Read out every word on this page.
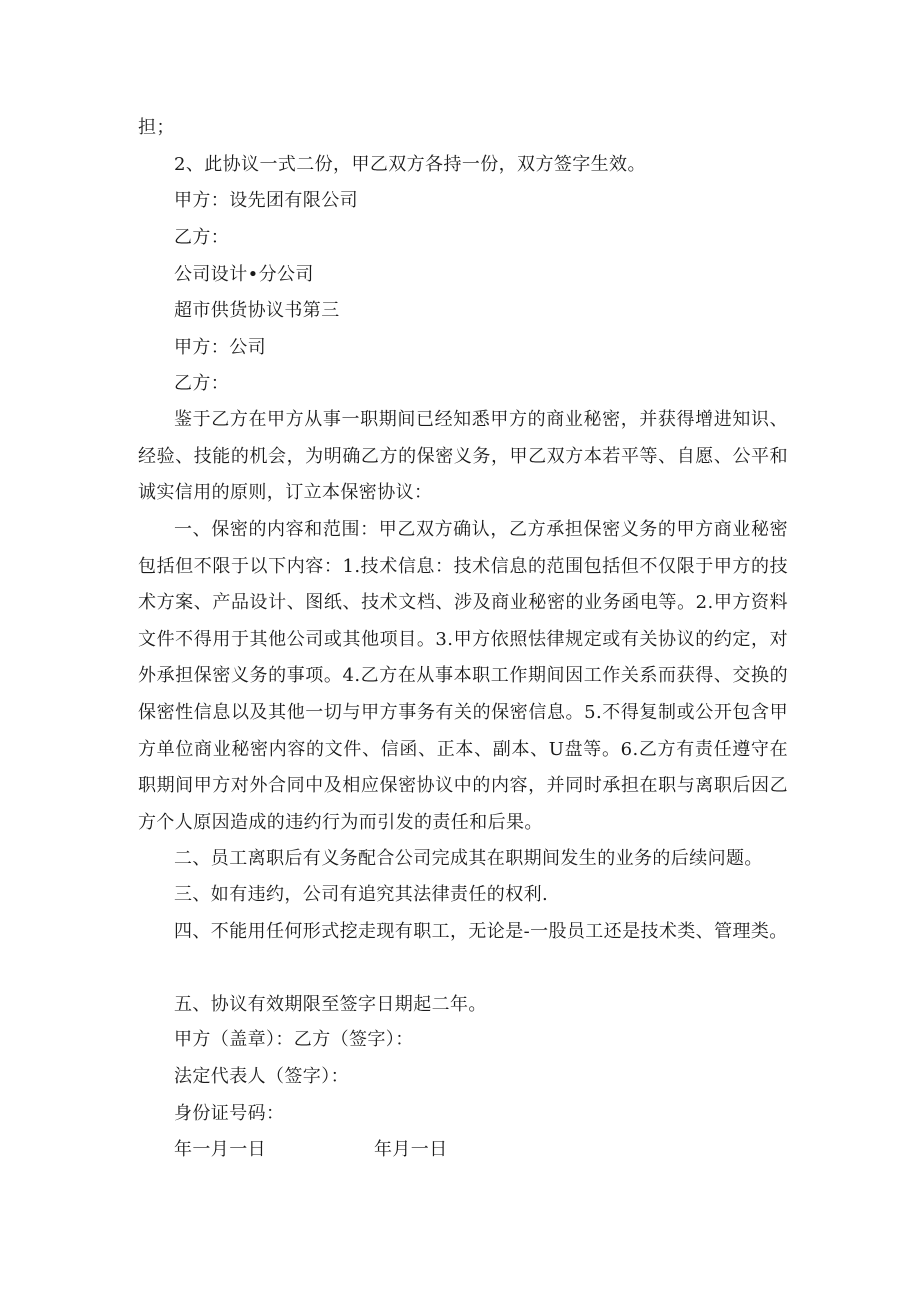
担；
2、此协议一式二份，甲乙双方各持一份，双方签字生效。
甲方：设先团有限公司
乙方：
公司设计•分公司
超市供货协议书第三
甲方：公司
乙方：
鉴于乙方在甲方从事一职期间已经知悉甲方的商业秘密，并获得增进知识、经验、技能的机会，为明确乙方的保密义务，甲乙双方本若平等、自愿、公平和诚实信用的原则，订立本保密协议：
一、保密的内容和范围：甲乙双方确认，乙方承担保密义务的甲方商业秘密包括但不限于以下内容：1.技术信息：技术信息的范围包括但不仅限于甲方的技术方案、产品设计、图纸、技术文档、涉及商业秘密的业务函电等。2.甲方资料文件不得用于其他公司或其他项目。3.甲方依照怯律规定或有关协议的约定，对外承担保密义务的事项。4.乙方在从事本职工作期间因工作关系而获得、交换的保密性信息以及其他一切与甲方事务有关的保密信息。5.不得复制或公开包含甲方单位商业秘密内容的文件、信函、正本、副本、U盘等。6.乙方有责任遵守在职期间甲方对外合同中及相应保密协议中的内容，并同时承担在职与离职后因乙方个人原因造成的违约行为而引发的责任和后果。
二、员工离职后有义务配合公司完成其在职期间发生的业务的后续问题。
三、如有违约，公司有追究其法律责任的权利.
四、不能用任何形式挖走现有职工，无论是-一股员工还是技术类、管理类。
五、协议有效期限至签字日期起二年。
甲方（盖章）：乙方（签字）：
法定代表人（签字）：
身份证号码：
年一月一日	年月一日
